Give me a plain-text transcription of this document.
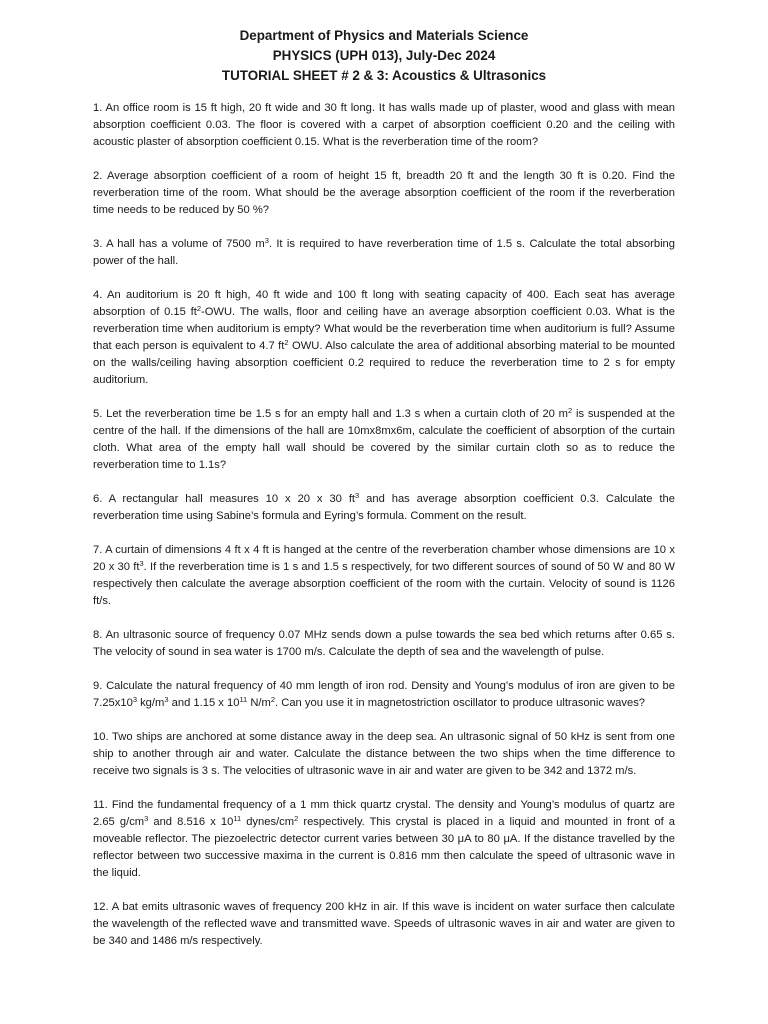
Department of Physics and Materials Science
PHYSICS (UPH 013), July-Dec 2024
TUTORIAL SHEET # 2 & 3: Acoustics & Ultrasonics

1. An office room is 15 ft high, 20 ft wide and 30 ft long. It has walls made up of plaster, wood and glass with mean absorption coefficient 0.03. The floor is covered with a carpet of absorption coefficient 0.20 and the ceiling with acoustic plaster of absorption coefficient 0.15. What is the reverberation time of the room?

2. Average absorption coefficient of a room of height 15 ft, breadth 20 ft and the length 30 ft is 0.20. Find the reverberation time of the room. What should be the average absorption coefficient of the room if the reverberation time needs to be reduced by 50 %?

3. A hall has a volume of 7500 $m^3$. It is required to have reverberation time of 1.5 s. Calculate the total absorbing power of the hall.

4. An auditorium is 20 ft high, 40 ft wide and 100 ft long with seating capacity of 400. Each seat has average absorption of 0.15 $ft^2$-OWU. The walls, floor and ceiling have an average absorption coefficient 0.03. What is the reverberation time when auditorium is empty? What would be the reverberation time when auditorium is full? Assume that each person is equivalent to 4.7 $ft^2$ OWU. Also calculate the area of additional absorbing material to be mounted on the walls/ceiling having absorption coefficient 0.2 required to reduce the reverberation time to 2 s for empty auditorium.

5. Let the reverberation time be 1.5 s for an empty hall and 1.3 s when a curtain cloth of 20 $m^2$ is suspended at the centre of the hall. If the dimensions of the hall are 10mx8mx6m, calculate the coefficient of absorption of the curtain cloth. What area of the empty hall wall should be covered by the similar curtain cloth so as to reduce the reverberation time to 1.1s?

6. A rectangular hall measures 10 x 20 x 30 $ft^3$ and has average absorption coefficient 0.3. Calculate the reverberation time using Sabine’s formula and Eyring’s formula. Comment on the result.

7. A curtain of dimensions 4 ft x 4 ft is hanged at the centre of the reverberation chamber whose dimensions are 10 x 20 x 30 $ft^3$. If the reverberation time is 1 s and 1.5 s respectively, for two different sources of sound of 50 W and 80 W respectively then calculate the average absorption coefficient of the room with the curtain. Velocity of sound is 1126 ft/s.

8. An ultrasonic source of frequency 0.07 MHz sends down a pulse towards the sea bed which returns after 0.65 s. The velocity of sound in sea water is 1700 m/s. Calculate the depth of sea and the wavelength of pulse.

9. Calculate the natural frequency of 40 mm length of iron rod. Density and Young’s modulus of iron are given to be $7.25x10^3$ $kg/m^3$ and 1.15 x $10^{11}$ $N/m^2$. Can you use it in magnetostriction oscillator to produce ultrasonic waves?

10. Two ships are anchored at some distance away in the deep sea. An ultrasonic signal of 50 kHz is sent from one ship to another through air and water. Calculate the distance between the two ships when the time difference to receive two signals is 3 s. The velocities of ultrasonic wave in air and water are given to be 342 and 1372 m/s.

11. Find the fundamental frequency of a 1 mm thick quartz crystal. The density and Young’s modulus of quartz are 2.65 $g/cm^3$ and 8.516 x $10^{11}$ dynes/$cm^2$ respectively. This crystal is placed in a liquid and mounted in front of a moveable reflector. The piezoelectric detector current varies between 30 μA to 80 μA. If the distance travelled by the reflector between two successive maxima in the current is 0.816 mm then calculate the speed of ultrasonic wave in the liquid.

12. A bat emits ultrasonic waves of frequency 200 kHz in air. If this wave is incident on water surface then calculate the wavelength of the reflected wave and transmitted wave. Speeds of ultrasonic waves in air and water are given to be 340 and 1486 m/s respectively.
